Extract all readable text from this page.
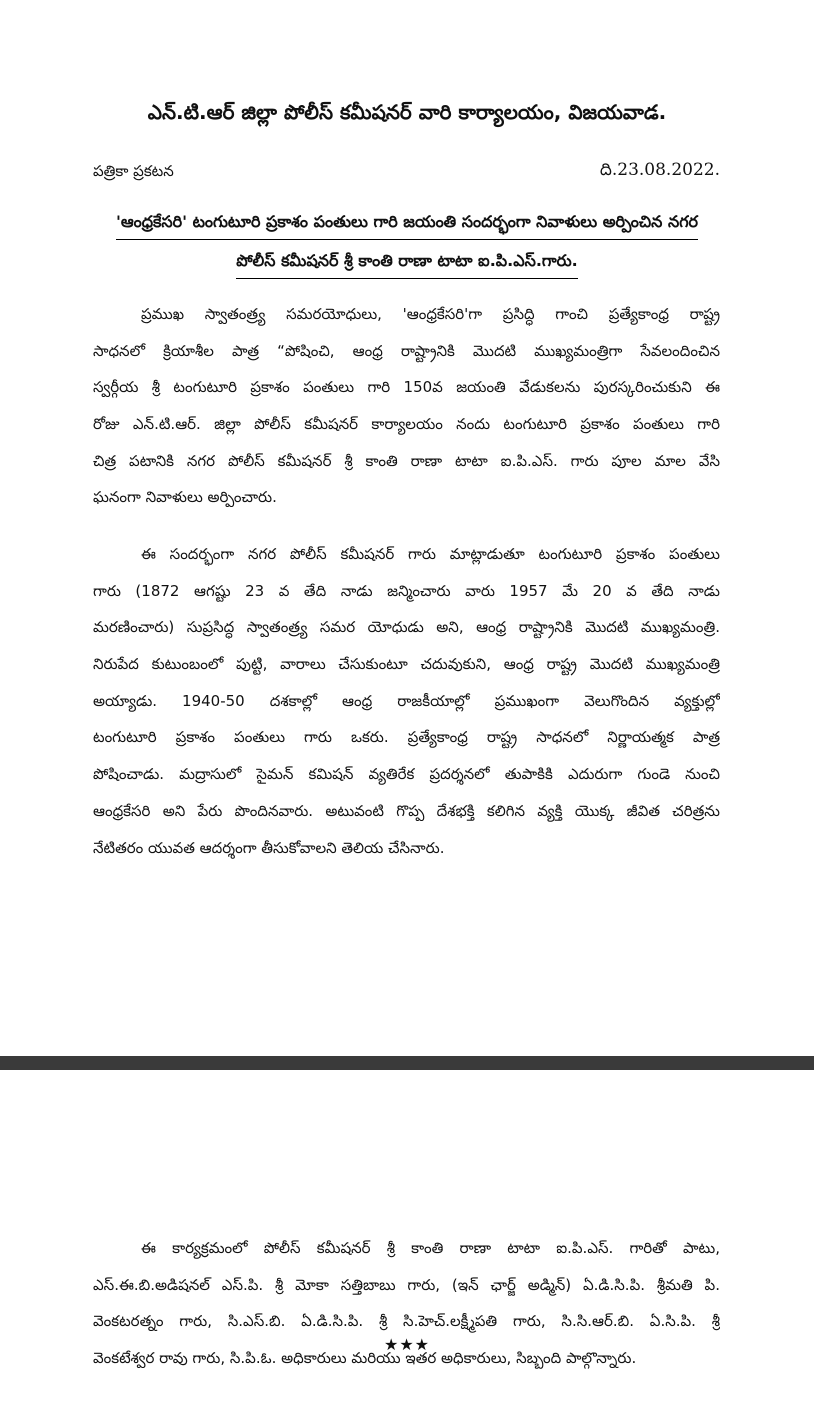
ఎన్.టి.ఆర్ జిల్లా పోలీస్ కమీషనర్ వారి కార్యాలయం, విజయవాడ.
పత్రికా ప్రకటన	ది.23.08.2022.
'ఆంధ్రకేసరి' టంగుటూరి ప్రకాశం పంతులు గారి జయంతి సందర్భంగా నివాళులు అర్పించిన నగర
పోలీస్ కమీషనర్ శ్రీ కాంతి రాణా టాటా ఐ.పి.ఎస్.గారు.
ప్రముఖ స్వాతంత్ర్య సమరయోధులు, 'ఆంధ్రకేసరి'గా ప్రసిద్ధి గాంచి ప్రత్యేకాంధ్ర రాష్ట్ర
సాధనలో క్రియాశీల పాత్ర “పోషించి, ఆంధ్ర రాష్ట్రానికి మొదటి ముఖ్యమంత్రిగా సేవలందించిన
స్వర్గీయ శ్రీ టంగుటూరి ప్రకాశం పంతులు గారి 150వ జయంతి వేడుకలను పురస్కరించుకుని ఈ
రోజు ఎన్.టి.ఆర్. జిల్లా పోలీస్ కమీషనర్ కార్యాలయం నందు టంగుటూరి ప్రకాశం పంతులు గారి
చిత్ర పటానికి నగర పోలీస్ కమీషనర్ శ్రీ కాంతి రాణా టాటా ఐ.పి.ఎస్. గారు పూల మాల వేసి
ఘనంగా నివాళులు అర్పించారు.
ఈ సందర్భంగా నగర పోలీస్ కమీషనర్ గారు మాట్లాడుతూ టంగుటూరి ప్రకాశం పంతులు
గారు (1872 ఆగష్టు 23 వ తేది నాడు జన్మించారు వారు 1957 మే 20 వ తేది నాడు
మరణించారు) సుప్రసిద్ధ స్వాతంత్ర్య సమర యోధుడు అని, ఆంధ్ర రాష్ట్రానికి మొదటి ముఖ్యమంత్రి.
నిరుపేద కుటుంబంలో పుట్టి, వారాలు చేసుకుంటూ చదువుకుని, ఆంధ్ర రాష్ట్ర మొదటి ముఖ్యమంత్రి
అయ్యాడు. 1940-50 దశకాల్లో ఆంధ్ర రాజకీయాల్లో ప్రముఖంగా వెలుగొందిన వ్యక్తుల్లో
టంగుటూరి ప్రకాశం పంతులు గారు ఒకరు. ప్రత్యేకాంధ్ర రాష్ట్ర సాధనలో నిర్ణాయత్మక పాత్ర
పోషించాడు. మద్రాసులో సైమన్ కమిషన్ వ్యతిరేక ప్రదర్శనలో తుపాకికి ఎదురుగా గుండె నుంచి
ఆంధ్రకేసరి అని పేరు పొందినవారు. అటువంటి గొప్ప దేశభక్తి కలిగిన వ్యక్తి యొక్క జీవిత చరిత్రను
నేటితరం యువత ఆదర్శంగా తీసుకోవాలని తెలియ చేసినారు.
ఈ కార్యక్రమంలో పోలీస్ కమీషనర్ శ్రీ కాంతి రాణా టాటా ఐ.పి.ఎస్. గారితో పాటు,
ఎస్.ఈ.బి.అడిషనల్ ఎస్.పి. శ్రీ మోకా సత్తిబాబు గారు, (ఇన్ ఛార్జ్ అడ్మిన్) ఏ.డి.సి.పి. శ్రీమతి పి.
వెంకటరత్నం గారు, సి.ఎస్.బి. ఏ.డి.సి.పి. శ్రీ సి.హెచ్.లక్ష్మీపతి గారు, సి.సి.ఆర్.బి. ఏ.సి.పి. శ్రీ
వెంకటేశ్వర రావు గారు, సి.పి.ఓ. అధికారులు మరియు ఇతర అధికారులు, సిబ్బంది పాల్గొన్నారు.
★★★
